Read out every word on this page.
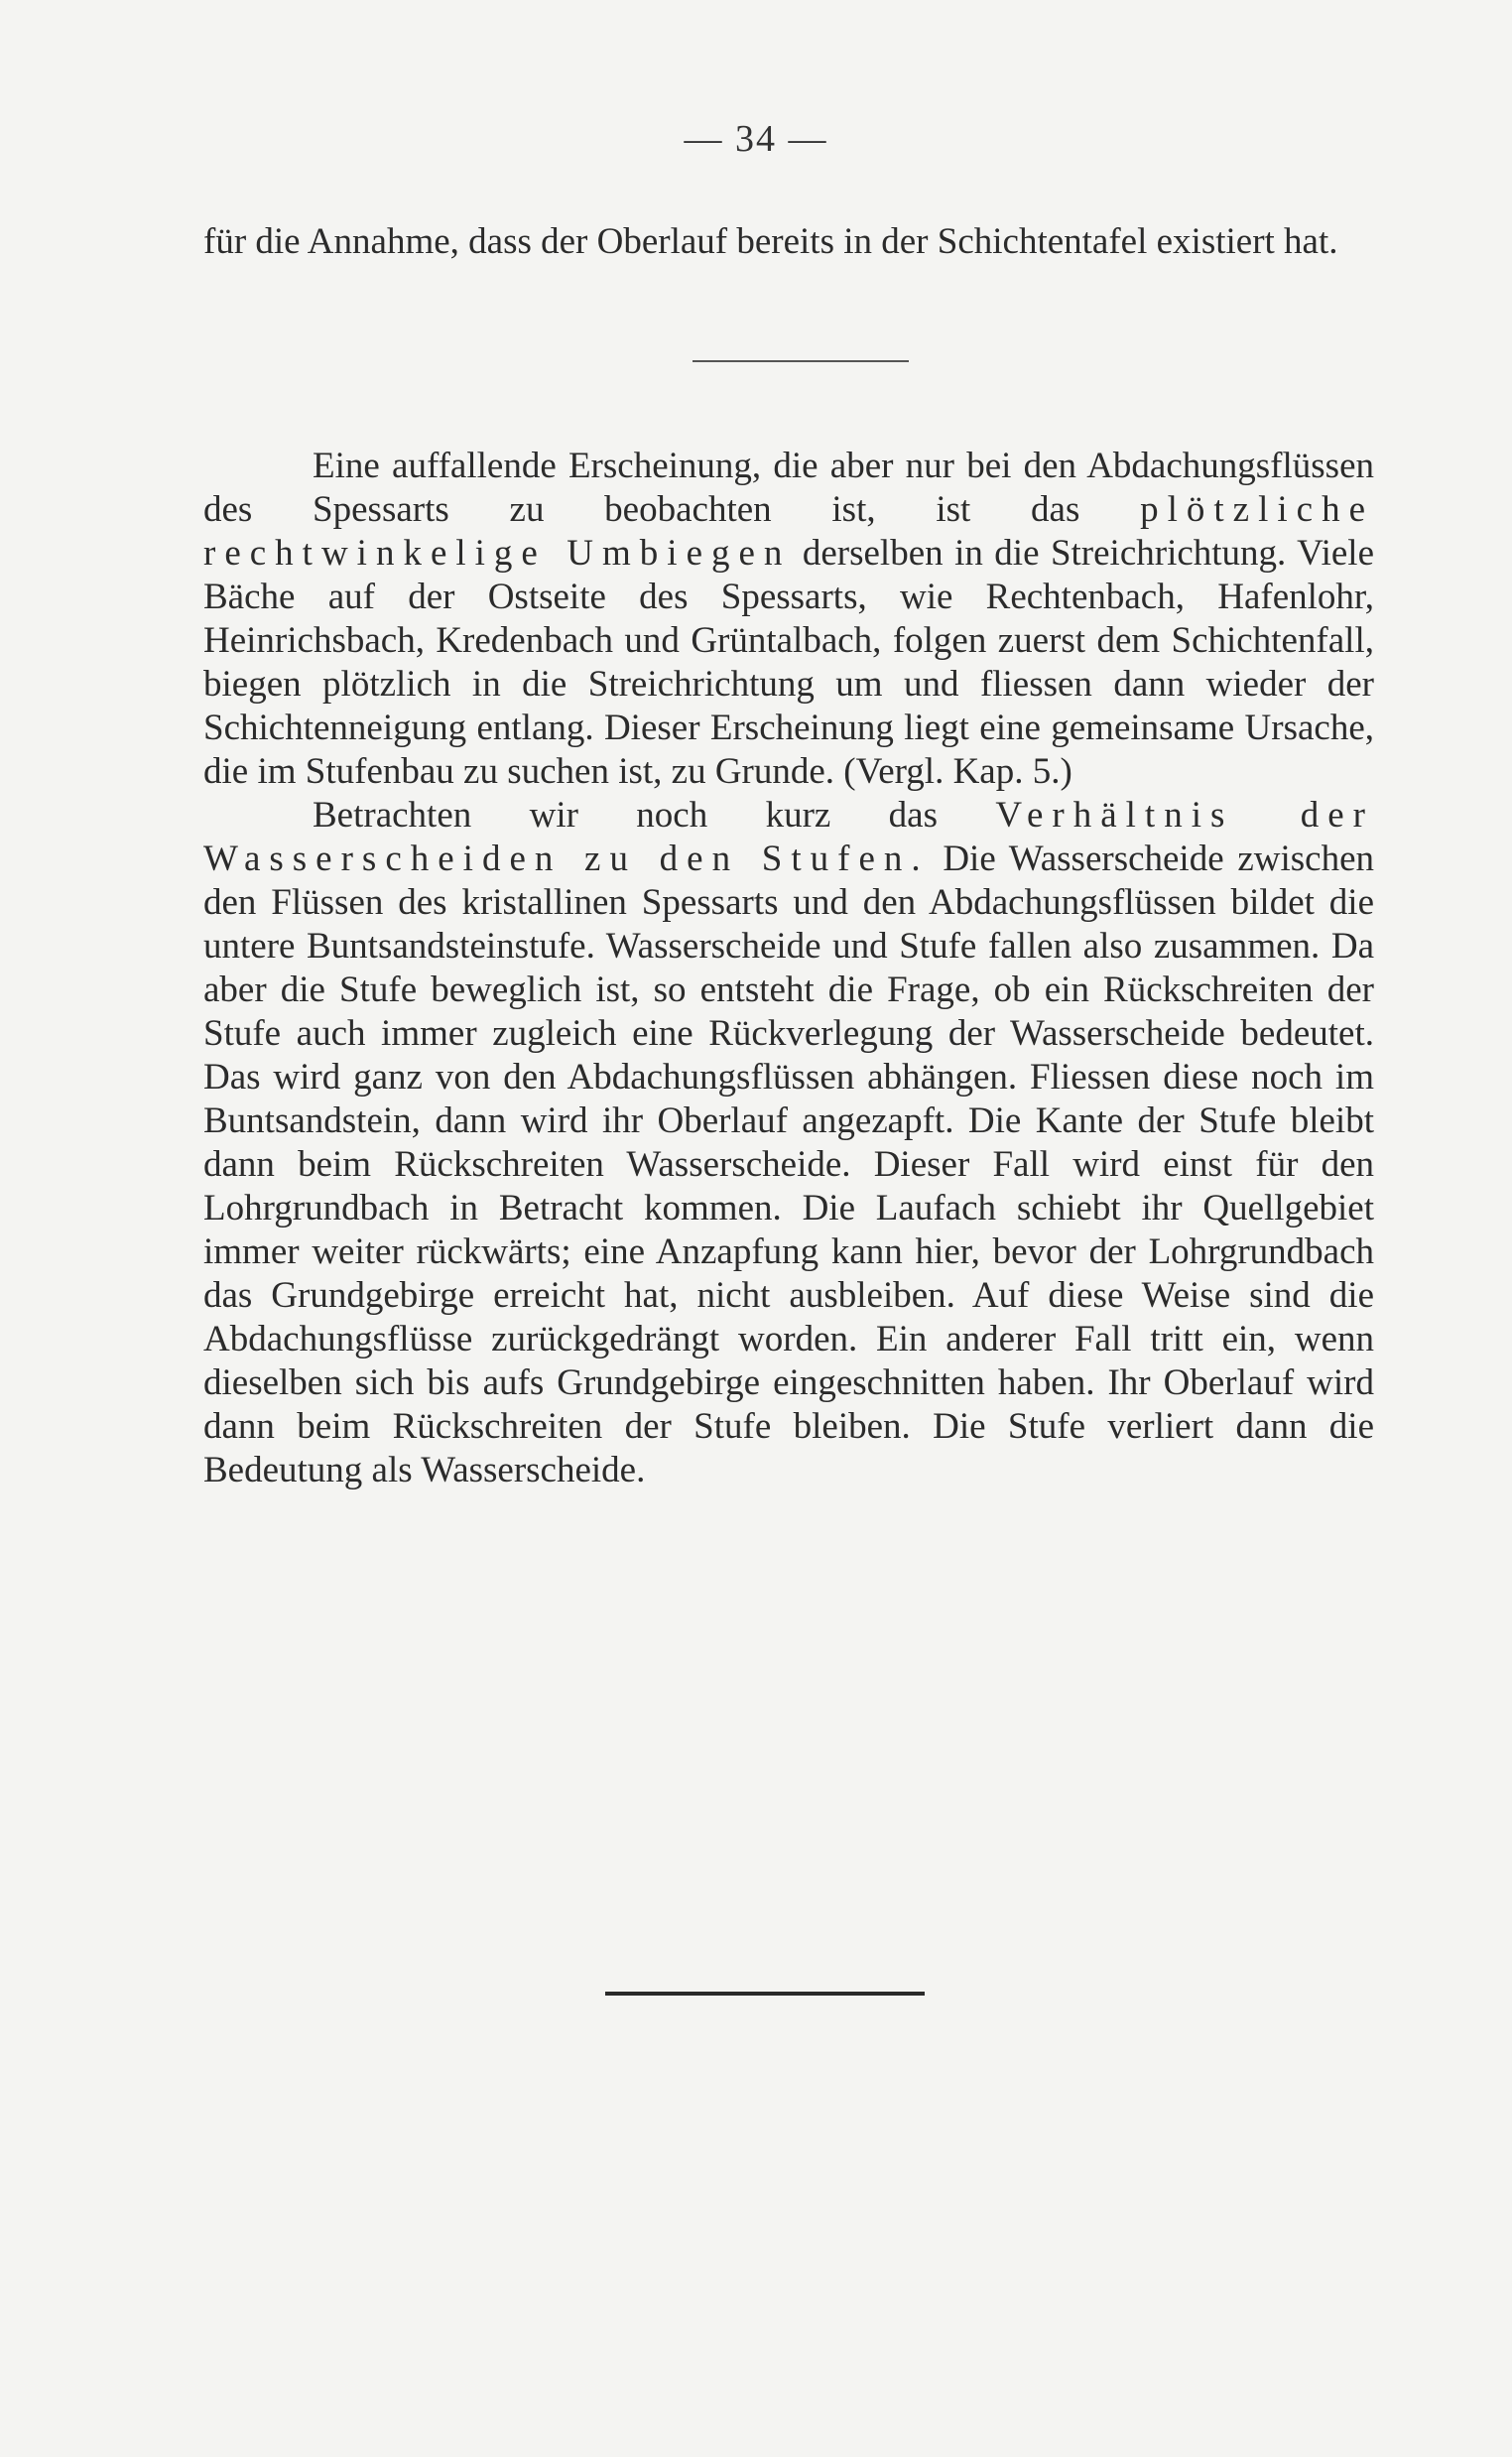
— 34 —

für die Annahme, dass der Oberlauf bereits in der Schichtentafel existiert hat.

Eine auffallende Erscheinung, die aber nur bei den Abdachungsflüssen des Spessarts zu beobachten ist, ist das plötzliche rechtwinkelige Umbiegen derselben in die Streichrichtung. Viele Bäche auf der Ostseite des Spessarts, wie Rechtenbach, Hafenlohr, Heinrichsbach, Kredenbach und Grüntalbach, folgen zuerst dem Schichtenfall, biegen plötzlich in die Streichrichtung um und fliessen dann wieder der Schichtenneigung entlang. Dieser Erscheinung liegt eine gemeinsame Ursache, die im Stufenbau zu suchen ist, zu Grunde. (Vergl. Kap. 5.)

Betrachten wir noch kurz das Verhältnis der Wasserscheiden zu den Stufen. Die Wasserscheide zwischen den Flüssen des kristallinen Spessarts und den Abdachungsflüssen bildet die untere Buntsandsteinstufe. Wasserscheide und Stufe fallen also zusammen. Da aber die Stufe beweglich ist, so entsteht die Frage, ob ein Rückschreiten der Stufe auch immer zugleich eine Rückverlegung der Wasserscheide bedeutet. Das wird ganz von den Abdachungsflüssen abhängen. Fliessen diese noch im Buntsandstein, dann wird ihr Oberlauf angezapft. Die Kante der Stufe bleibt dann beim Rückschreiten Wasserscheide. Dieser Fall wird einst für den Lohrgrundbach in Betracht kommen. Die Laufach schiebt ihr Quellgebiet immer weiter rückwärts; eine Anzapfung kann hier, bevor der Lohrgrundbach das Grundgebirge erreicht hat, nicht ausbleiben. Auf diese Weise sind die Abdachungsflüsse zurückgedrängt worden. Ein anderer Fall tritt ein, wenn dieselben sich bis aufs Grundgebirge eingeschnitten haben. Ihr Oberlauf wird dann beim Rückschreiten der Stufe bleiben. Die Stufe verliert dann die Bedeutung als Wasserscheide.
